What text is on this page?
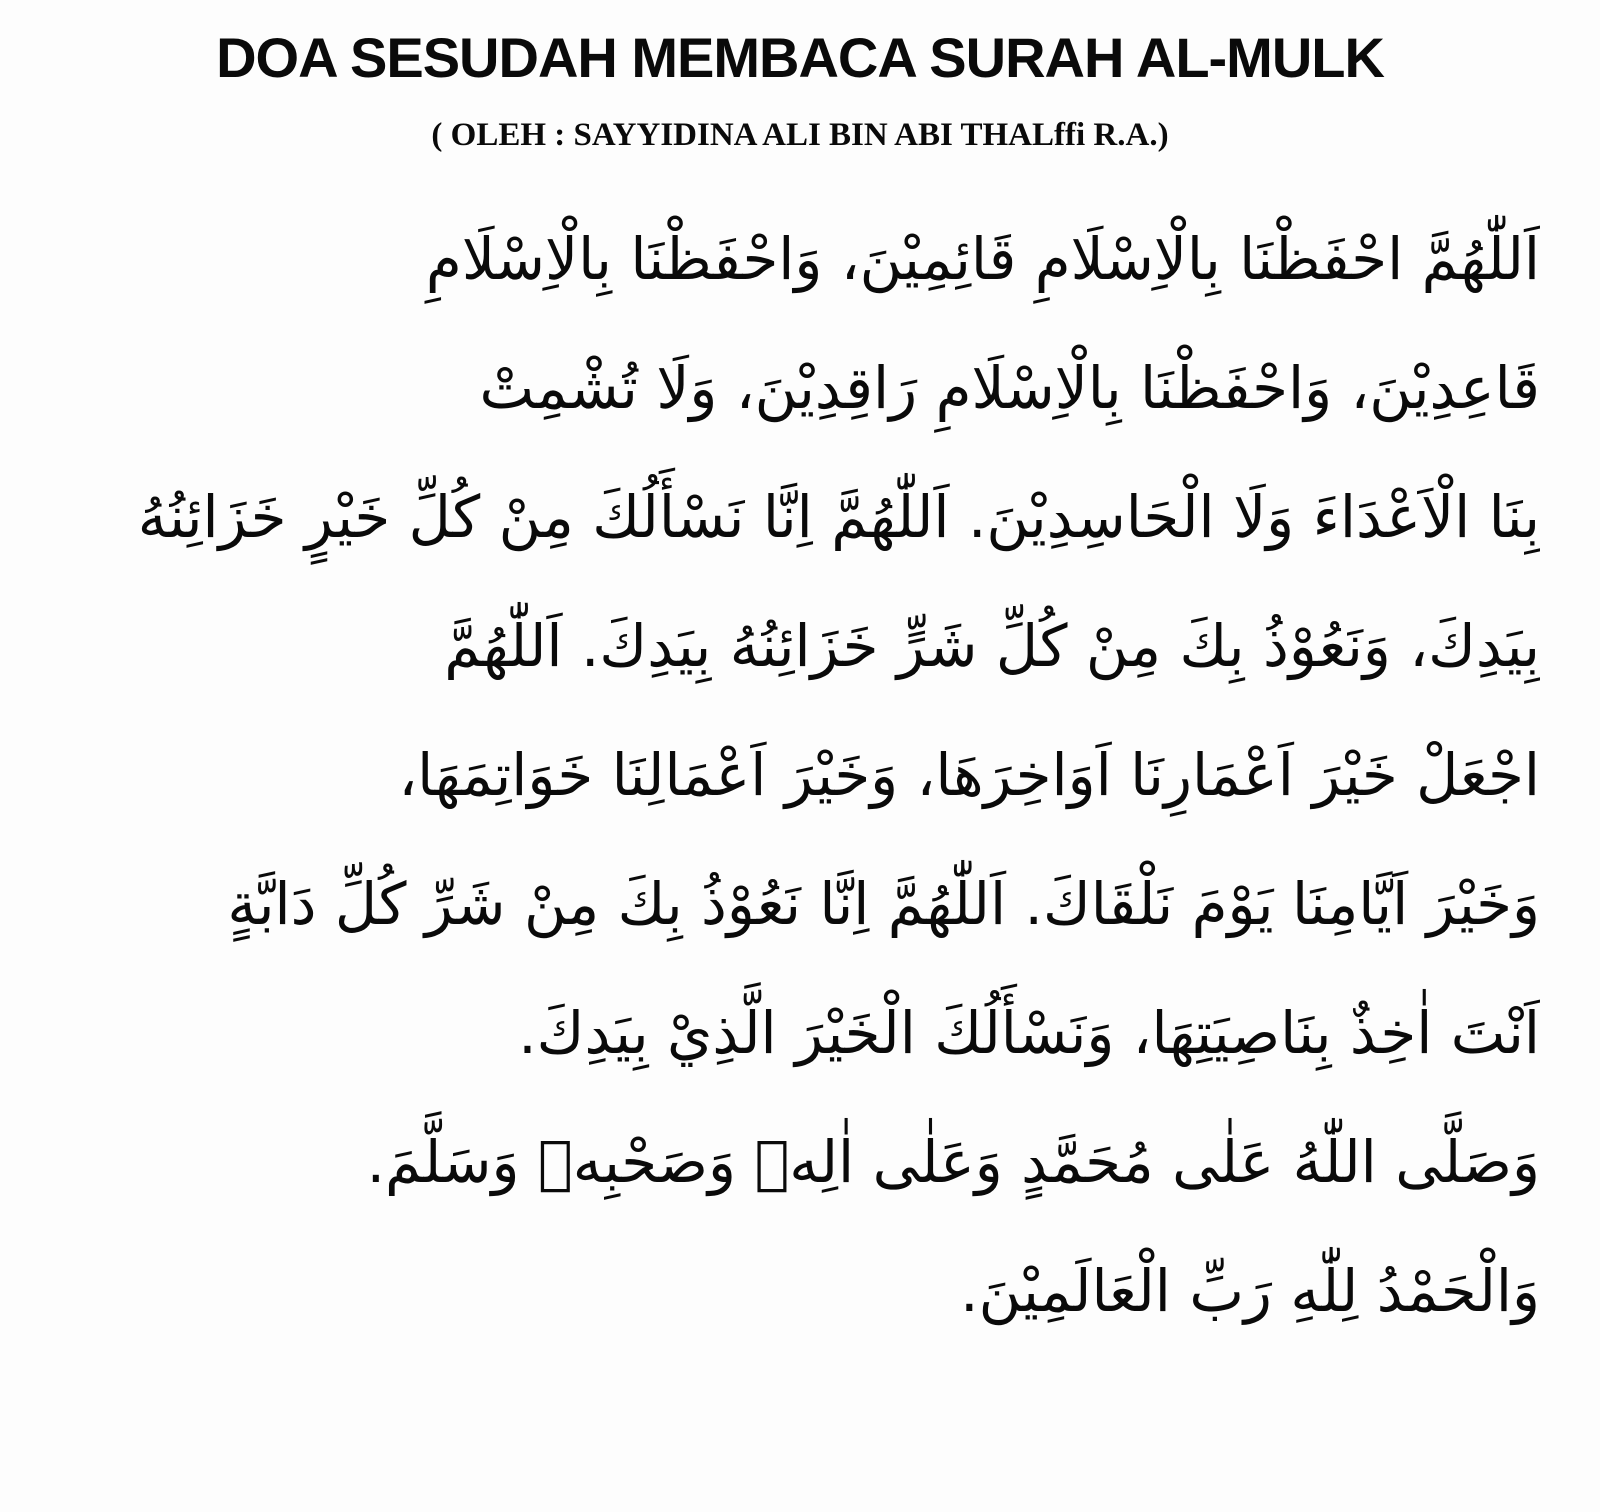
DOA SESUDAH MEMBACA SURAH AL-MULK

( OLEH : SAYYIDINA ALI BIN ABI THALffi R.A.)

اَللّٰهُمَّ احْفَظْنَا بِالْاِسْلَامِ قَائِمِيْنَ، وَاحْفَظْنَا بِالْاِسْلَامِ
قَاعِدِيْنَ، وَاحْفَظْنَا بِالْاِسْلَامِ رَاقِدِيْنَ، وَلَا تُشْمِتْ
بِنَا الْاَعْدَاءَ وَلَا الْحَاسِدِيْنَ. اَللّٰهُمَّ اِنَّا نَسْأَلُكَ مِنْ كُلِّ خَيْرٍ خَزَائِنُهُ
بِيَدِكَ، وَنَعُوْذُ بِكَ مِنْ كُلِّ شَرٍّ خَزَائِنُهُ بِيَدِكَ. اَللّٰهُمَّ
اجْعَلْ خَيْرَ اَعْمَارِنَا اَوَاخِرَهَا، وَخَيْرَ اَعْمَالِنَا خَوَاتِمَهَا،
وَخَيْرَ اَيَّامِنَا يَوْمَ نَلْقَاكَ. اَللّٰهُمَّ اِنَّا نَعُوْذُ بِكَ مِنْ شَرِّ كُلِّ دَابَّةٍ
اَنْتَ اٰخِذٌ بِنَاصِيَتِهَا، وَنَسْأَلُكَ الْخَيْرَ الَّذِيْ بِيَدِكَ.
وَصَلَّى اللّٰهُ عَلٰى مُحَمَّدٍ وَعَلٰى اٰلِهٖ وَصَحْبِهٖ وَسَلَّمَ.
وَالْحَمْدُ لِلّٰهِ رَبِّ الْعَالَمِيْنَ.
